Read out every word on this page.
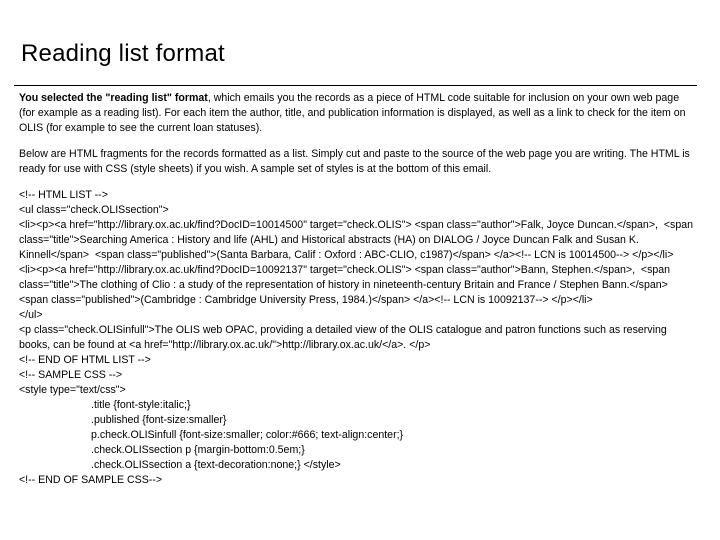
Reading list format

You selected the "reading list" format, which emails you the records as a piece of HTML code suitable for inclusion on your own web page (for example as a reading list). For each item the author, title, and publication information is displayed, as well as a link to check for the item on OLIS (for example to see the current loan statuses).

Below are HTML fragments for the records formatted as a list. Simply cut and paste to the source of the web page you are writing. The HTML is ready for use with CSS (style sheets) if you wish. A sample set of styles is at the bottom of this email.

<!-- HTML LIST -->
<ul class="check.OLISsection">
<li><p><a href="http://library.ox.ac.uk/find?DocID=10014500" target="check.OLIS"> <span class="author">Falk, Joyce Duncan.</span>,  <span class="title">Searching America : History and life (AHL) and Historical abstracts (HA) on DIALOG / Joyce Duncan Falk and Susan K. Kinnell</span>  <span class="published">(Santa Barbara, Calif : Oxford : ABC-CLIO, c1987)</span> </a><!-- LCN is 10014500--> </p></li>
<li><p><a href="http://library.ox.ac.uk/find?DocID=10092137" target="check.OLIS"> <span class="author">Bann, Stephen.</span>,  <span class="title">The clothing of Clio : a study of the representation of history in nineteenth-century Britain and France / Stephen Bann.</span>  <span class="published">(Cambridge : Cambridge University Press, 1984.)</span> </a><!-- LCN is 10092137--> </p></li>
</ul>
<p class="check.OLISinfull">The OLIS web OPAC, providing a detailed view of the OLIS catalogue and patron functions such as reserving books, can be found at <a href="http://library.ox.ac.uk/">http://library.ox.ac.uk/</a>. </p>
<!-- END OF HTML LIST -->
<!-- SAMPLE CSS -->
<style type="text/css">
.title {font-style:italic;}
.published {font-size:smaller}
p.check.OLISinfull {font-size:smaller; color:#666; text-align:center;}
.check.OLISsection p {margin-bottom:0.5em;}
.check.OLISsection a {text-decoration:none;} </style>
<!-- END OF SAMPLE CSS-->
